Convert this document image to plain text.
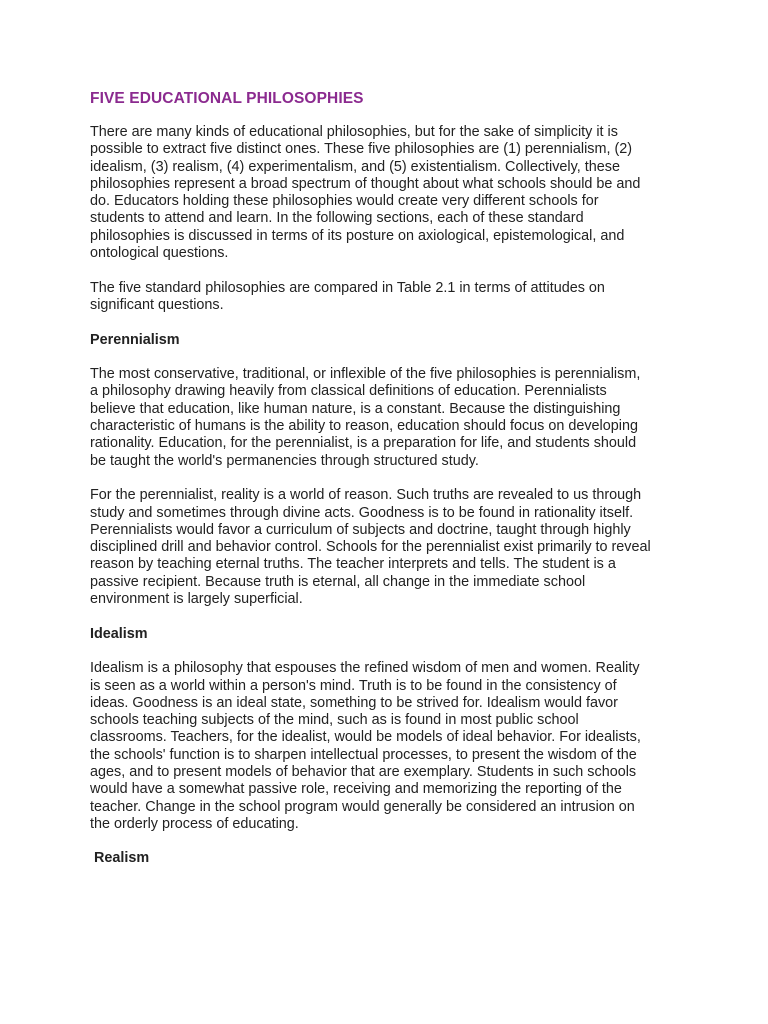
FIVE EDUCATIONAL PHILOSOPHIES

There are many kinds of educational philosophies, but for the sake of simplicity it is
possible to extract five distinct ones. These five philosophies are (1) perennialism, (2)
idealism, (3) realism, (4) experimentalism, and (5) existentialism. Collectively, these
philosophies represent a broad spectrum of thought about what schools should be and
do. Educators holding these philosophies would create very different schools for
students to attend and learn. In the following sections, each of these standard
philosophies is discussed in terms of its posture on axiological, epistemological, and
ontological questions.

The five standard philosophies are compared in Table 2.1 in terms of attitudes on
significant questions.

Perennialism

The most conservative, traditional, or inflexible of the five philosophies is perennialism,
a philosophy drawing heavily from classical definitions of education. Perennialists
believe that education, like human nature, is a constant. Because the distinguishing
characteristic of humans is the ability to reason, education should focus on developing
rationality. Education, for the perennialist, is a preparation for life, and students should
be taught the world's permanencies through structured study.

For the perennialist, reality is a world of reason. Such truths are revealed to us through
study and sometimes through divine acts. Goodness is to be found in rationality itself.
Perennialists would favor a curriculum of subjects and doctrine, taught through highly
disciplined drill and behavior control. Schools for the perennialist exist primarily to reveal
reason by teaching eternal truths. The teacher interprets and tells. The student is a
passive recipient. Because truth is eternal, all change in the immediate school
environment is largely superficial.

Idealism

Idealism is a philosophy that espouses the refined wisdom of men and women. Reality
is seen as a world within a person's mind. Truth is to be found in the consistency of
ideas. Goodness is an ideal state, something to be strived for. Idealism would favor
schools teaching subjects of the mind, such as is found in most public school
classrooms. Teachers, for the idealist, would be models of ideal behavior. For idealists,
the schools' function is to sharpen intellectual processes, to present the wisdom of the
ages, and to present models of behavior that are exemplary. Students in such schools
would have a somewhat passive role, receiving and memorizing the reporting of the
teacher. Change in the school program would generally be considered an intrusion on
the orderly process of educating.

Realism
